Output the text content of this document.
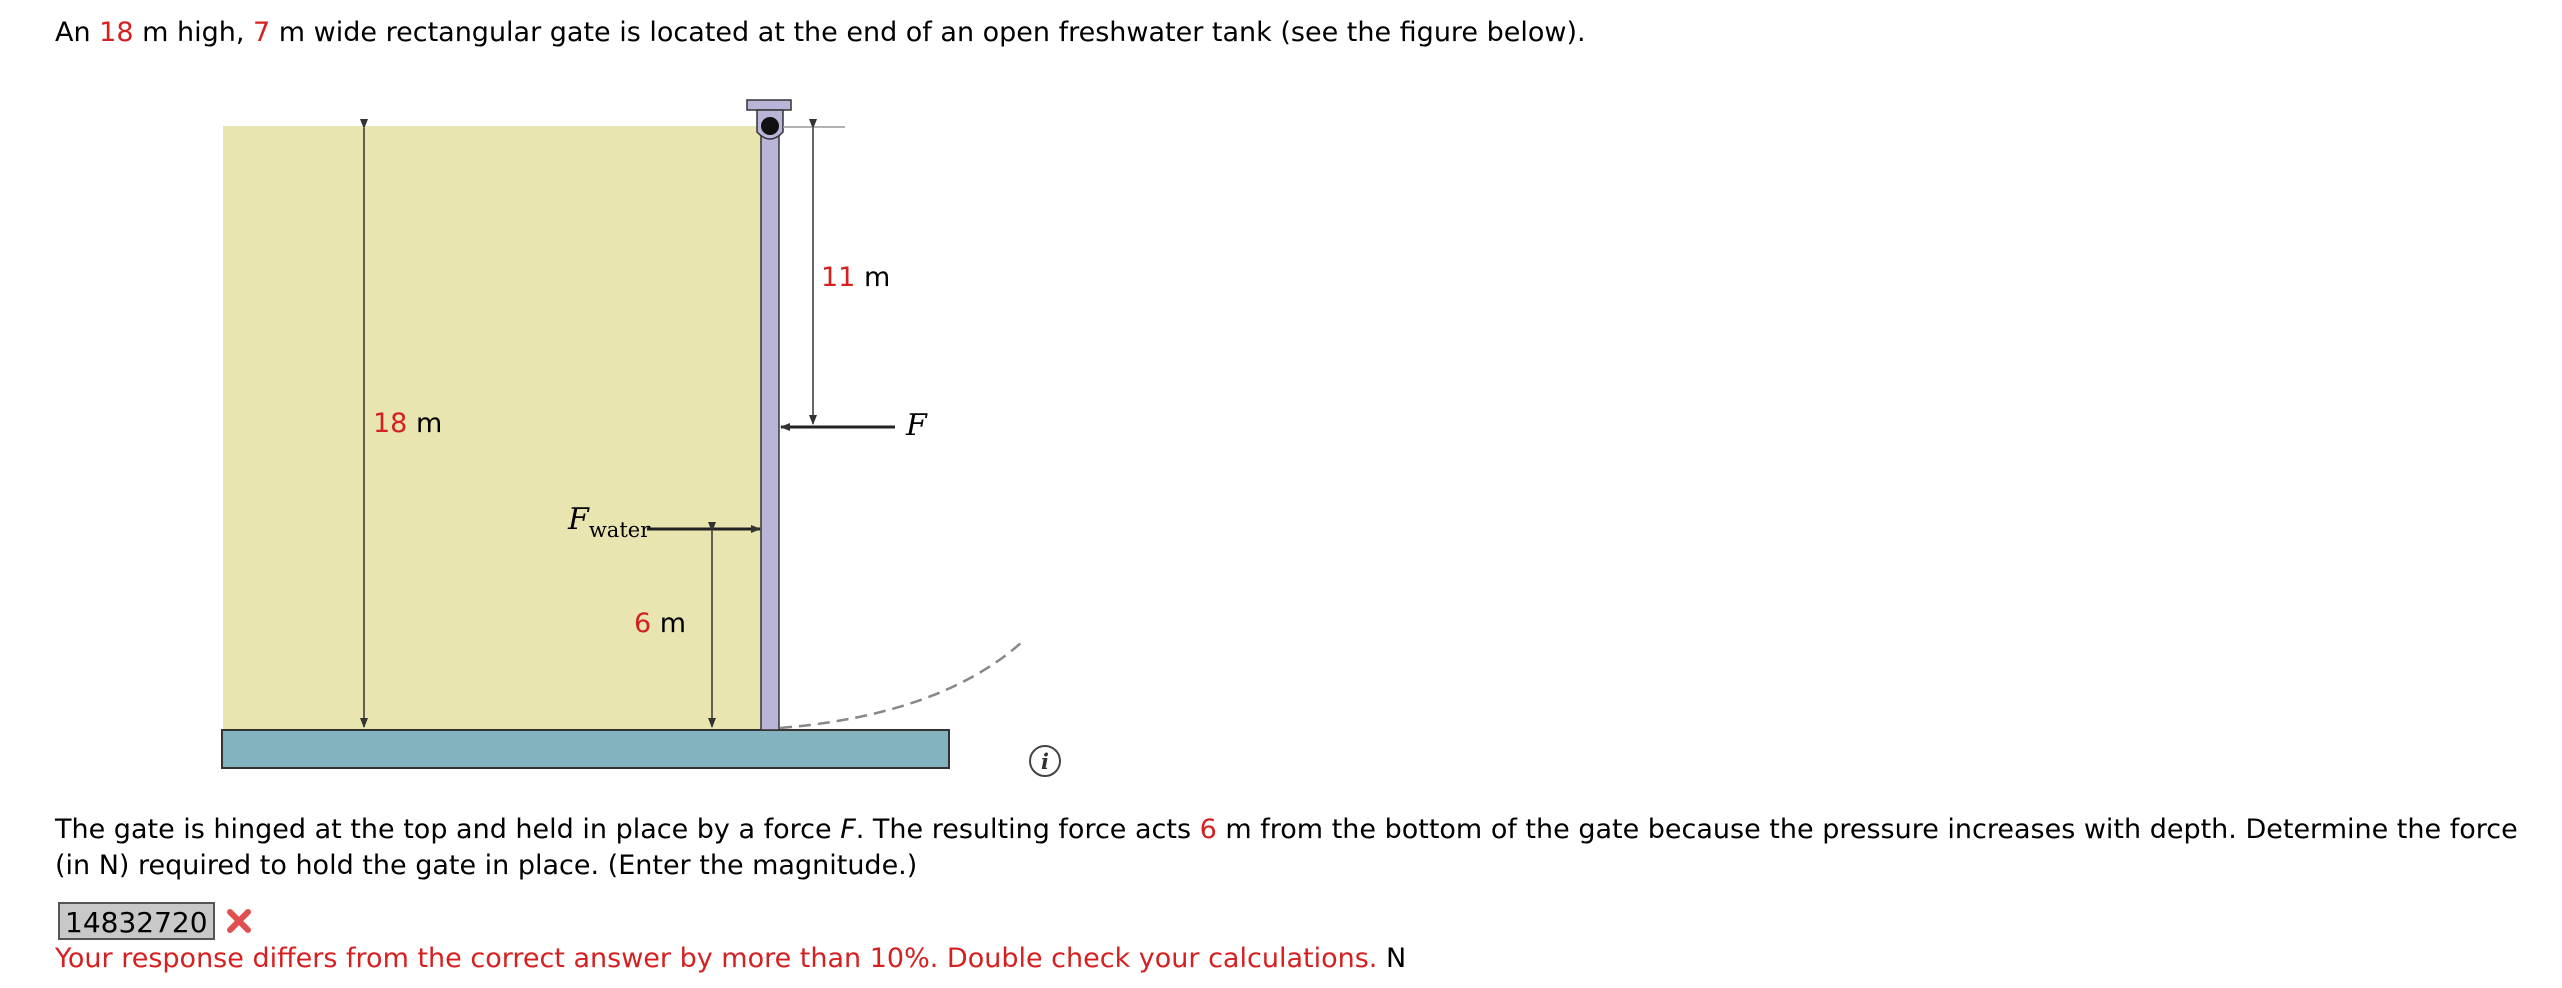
An 18 m high, 7 m wide rectangular gate is located at the end of an open freshwater tank (see the figure below).
18 m
11 m
6 m
F
$F_{water}$
i
The gate is hinged at the top and held in place by a force F. The resulting force acts 6 m from the bottom of the gate because the pressure increases with depth. Determine the force (in N) required to hold the gate in place. (Enter the magnitude.)
14832720
Your response differs from the correct answer by more than 10%. Double check your calculations. N
